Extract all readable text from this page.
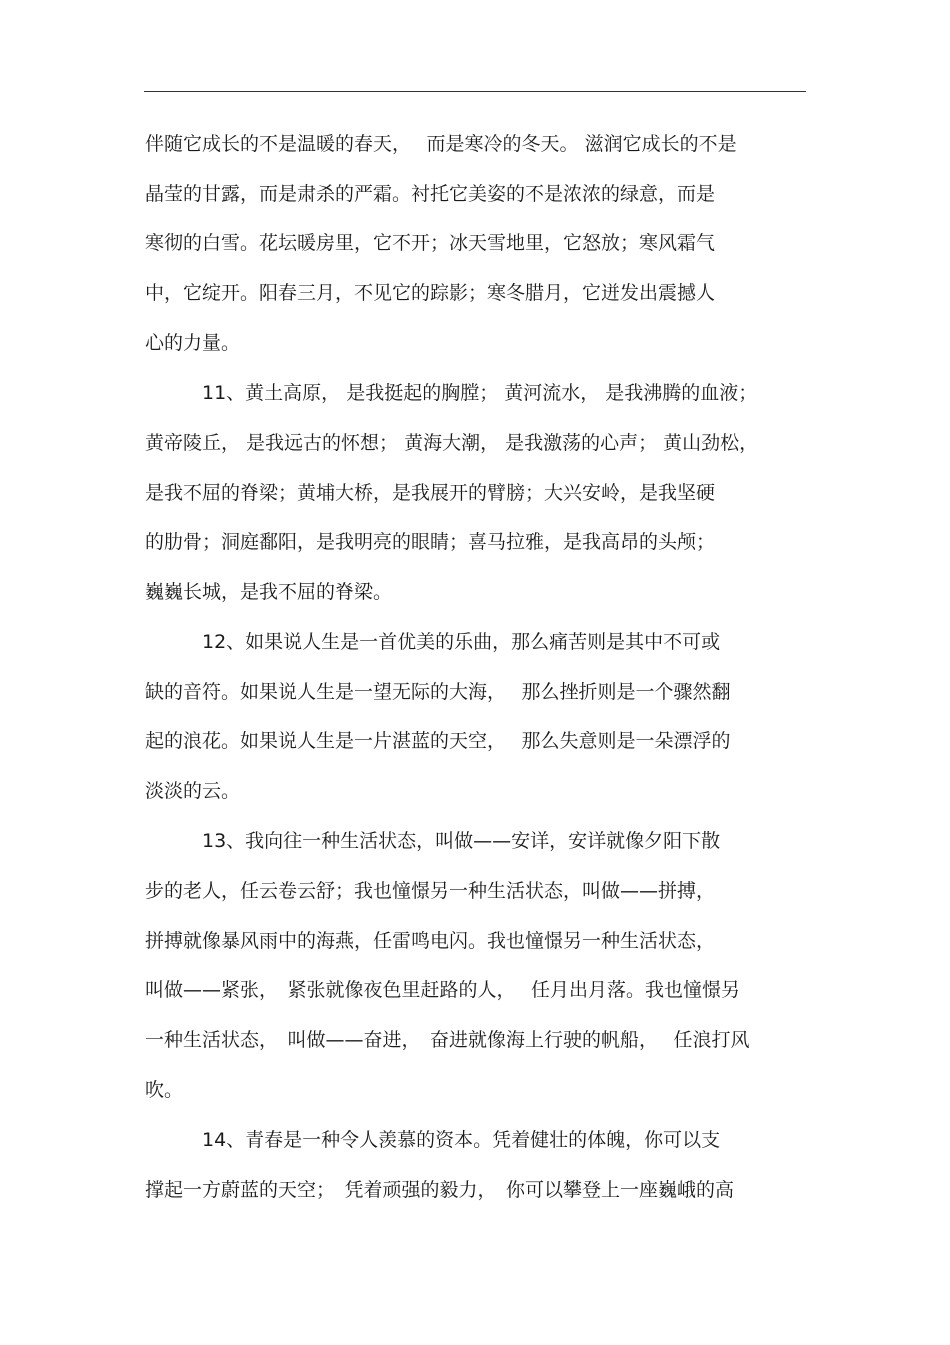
伴随它成长的不是温暖的春天，　 而是寒冷的冬天。 滋润它成长的不是
晶莹的甘露，而是肃杀的严霜。衬托它美姿的不是浓浓的绿意，而是
寒彻的白雪。花坛暖房里，它不开；冰天雪地里，它怒放；寒风霜气
中，它绽开。阳春三月，不见它的踪影；寒冬腊月，它迸发出震撼人
心的力量。
11、黄土高原， 是我挺起的胸膛； 黄河流水， 是我沸腾的血液；
黄帝陵丘， 是我远古的怀想； 黄海大潮， 是我激荡的心声； 黄山劲松，
是我不屈的脊梁；黄埔大桥，是我展开的臂膀；大兴安岭，是我坚硬
的肋骨；洞庭鄱阳，是我明亮的眼睛；喜马拉雅，是我高昂的头颅；
巍巍长城，是我不屈的脊梁。
12、如果说人生是一首优美的乐曲，那么痛苦则是其中不可或
缺的音符。如果说人生是一望无际的大海，　 那么挫折则是一个骤然翻
起的浪花。如果说人生是一片湛蓝的天空，　 那么失意则是一朵漂浮的
淡淡的云。
13、我向往一种生活状态，叫做——安详，安详就像夕阳下散
步的老人，任云卷云舒；我也憧憬另一种生活状态，叫做——拼搏，
拼搏就像暴风雨中的海燕，任雷鸣电闪。我也憧憬另一种生活状态，
叫做——紧张，　紧张就像夜色里赶路的人，　 任月出月落。我也憧憬另
一种生活状态，　叫做——奋进，　奋进就像海上行驶的帆船，　 任浪打风
吹。
14、青春是一种令人羡慕的资本。凭着健壮的体魄，你可以支
撑起一方蔚蓝的天空；　凭着顽强的毅力，　你可以攀登上一座巍峨的高
